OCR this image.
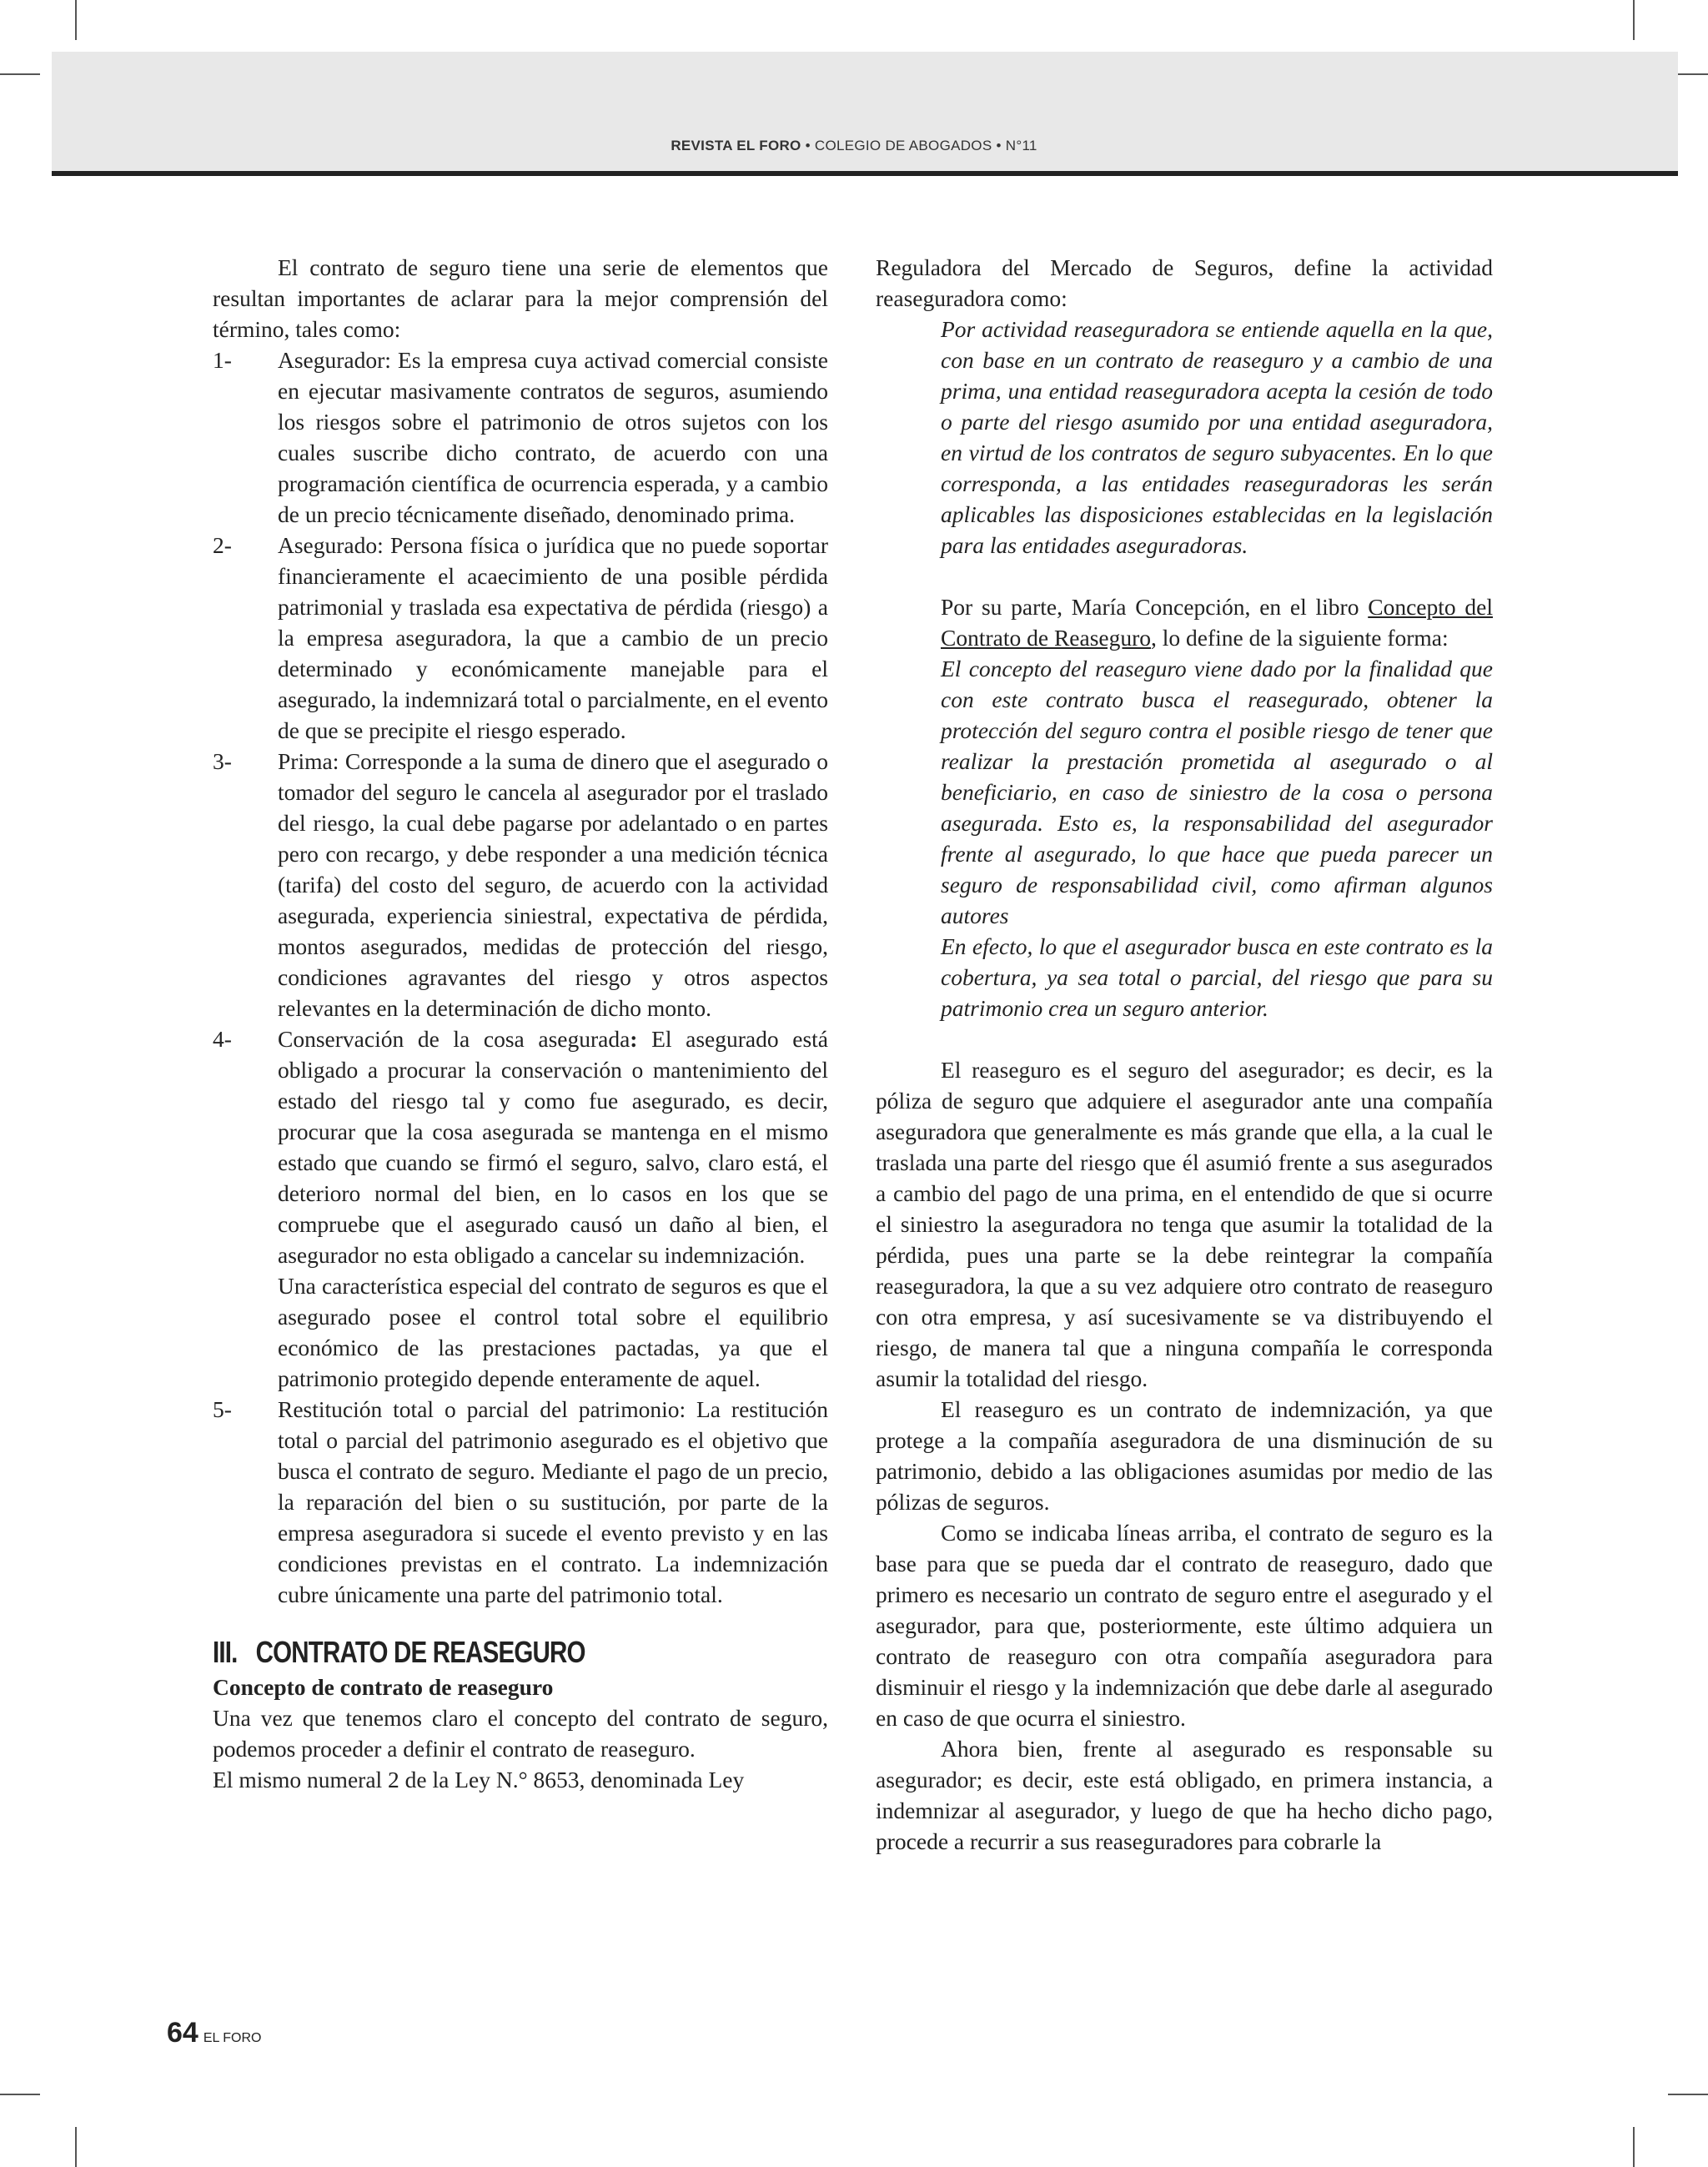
REVISTA EL FORO • COLEGIO DE ABOGADOS • N°11

El contrato de seguro tiene una serie de elementos que resultan importantes de aclarar para la mejor comprensión del término, tales como:

1-	Asegurador: Es la empresa cuya activad comercial consiste en ejecutar masivamente contratos de seguros, asumiendo los riesgos sobre el patrimonio de otros sujetos con los cuales suscribe dicho contrato, de acuerdo con una programación científica de ocurrencia esperada, y a cambio de un precio técnicamente diseñado, denominado prima.

2-	Asegurado: Persona física o jurídica que no puede soportar financieramente el acaecimiento de una posible pérdida patrimonial y traslada esa expectativa de pérdida (riesgo) a la empresa aseguradora, la que a cambio de un precio determinado y económicamente manejable para el asegurado, la indemnizará total o parcialmente, en el evento de que se precipite el riesgo esperado.

3-	Prima: Corresponde a la suma de dinero que el asegurado o tomador del seguro le cancela al asegurador por el traslado del riesgo, la cual debe pagarse por adelantado o en partes pero con recargo, y debe responder a una medición técnica (tarifa) del costo del seguro, de acuerdo con la actividad asegurada, experiencia siniestral, expectativa de pérdida, montos asegurados, medidas de protección del riesgo, condiciones agravantes del riesgo y otros aspectos relevantes en la determinación de dicho monto.

4-	Conservación de la cosa asegurada: El asegurado está obligado a procurar la conservación o mantenimiento del estado del riesgo tal y como fue asegurado, es decir, procurar que la cosa asegurada se mantenga en el mismo estado que cuando se firmó el seguro, salvo, claro está, el deterioro normal del bien, en lo casos en los que se compruebe que el asegurado causó un daño al bien, el asegurador no esta obligado a cancelar su indemnización.

Una característica especial del contrato de seguros es que el asegurado posee el control total sobre el equilibrio económico de las prestaciones pactadas, ya que el patrimonio protegido depende enteramente de aquel.

5-	Restitución total o parcial del patrimonio: La restitución total o parcial del patrimonio asegurado es el objetivo que busca el contrato de seguro. Mediante el pago de un precio, la reparación del bien o su sustitución, por parte de la empresa aseguradora si sucede el evento previsto y en las condiciones previstas en el contrato. La indemnización cubre únicamente una parte del patrimonio total.

III.   CONTRATO DE REASEGURO

Concepto de contrato de reaseguro

Una vez que tenemos claro el concepto del contrato de seguro, podemos proceder a definir el contrato de reaseguro.

El mismo numeral 2 de la Ley N.° 8653, denominada Ley

Reguladora del Mercado de Seguros, define la actividad reaseguradora como:

Por actividad reaseguradora se entiende aquella en la que, con base en un contrato de reaseguro y a cambio de una prima, una entidad reaseguradora acepta la cesión de todo o parte del riesgo asumido por una entidad aseguradora, en virtud de los contratos de seguro subyacentes. En lo que corresponda, a las entidades reaseguradoras les serán aplicables las disposiciones establecidas en la legislación para las entidades aseguradoras.

Por su parte, María Concepción, en el libro Concepto del Contrato de Reaseguro, lo define de la siguiente forma:

El concepto del reaseguro viene dado por la finalidad que con este contrato busca el reasegurado, obtener la protección del seguro contra el posible riesgo de tener que realizar la prestación prometida al asegurado o al beneficiario, en caso de siniestro de la cosa o persona asegurada. Esto es, la responsabilidad del asegurador frente al asegurado, lo que hace que pueda parecer un seguro de responsabilidad civil, como afirman algunos autores

En efecto, lo que el asegurador busca en este contrato es la cobertura, ya sea total o parcial, del riesgo que para su patrimonio crea un seguro anterior.

El reaseguro es el seguro del asegurador; es decir, es la póliza de seguro que adquiere el asegurador ante una compañía aseguradora que generalmente es más grande que ella, a la cual le traslada una parte del riesgo que él asumió frente a sus asegurados a cambio del pago de una prima, en el entendido de que si ocurre el siniestro la aseguradora no tenga que asumir la totalidad de la pérdida, pues una parte se la debe reintegrar la compañía reaseguradora, la que a su vez adquiere otro contrato de reaseguro con otra empresa, y así sucesivamente se va distribuyendo el riesgo, de manera tal que a ninguna compañía le corresponda asumir la totalidad del riesgo.

El reaseguro es un contrato de indemnización, ya que protege a la compañía aseguradora de una disminución de su patrimonio, debido a las obligaciones asumidas por medio de las pólizas de seguros.

Como se indicaba líneas arriba, el contrato de seguro es la base para que se pueda dar el contrato de reaseguro, dado que primero es necesario un contrato de seguro entre el asegurado y el asegurador, para que, posteriormente, este último adquiera un contrato de reaseguro con otra compañía aseguradora para disminuir el riesgo y la indemnización que debe darle al asegurado en caso de que ocurra el siniestro.

Ahora bien, frente al asegurado es responsable su asegurador; es decir, este está obligado, en primera instancia, a indemnizar al asegurador, y luego de que ha hecho dicho pago, procede a recurrir a sus reaseguradores para cobrarle la

64 EL FORO
